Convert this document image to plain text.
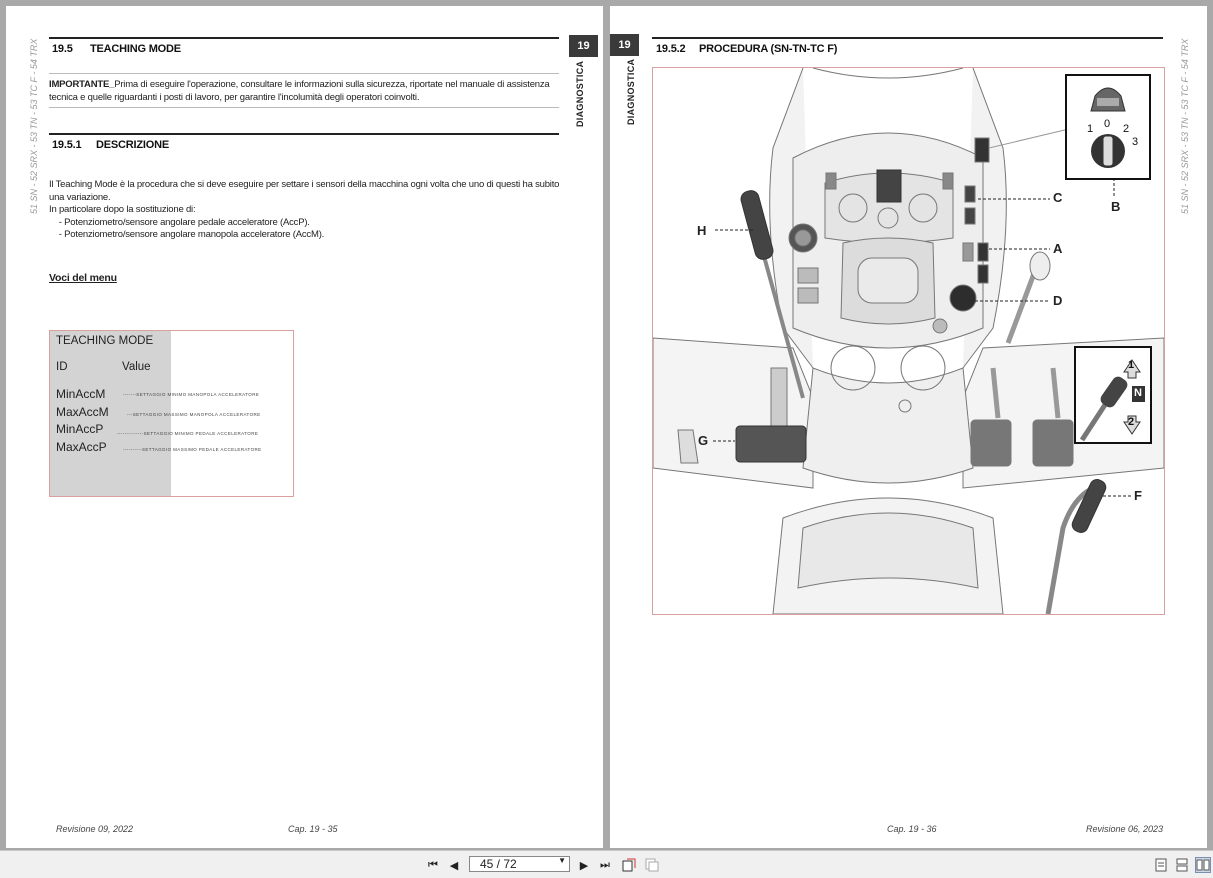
51 SN - 52 SRX - 53 TN - 53 TC F - 54 TRX 19.5 TEACHING MODE	19
DIAGNOSTICA
IMPORTANTE_Prima di eseguire l'operazione, consultare le informazioni sulla sicurezza, riportate nel manuale di assistenza
tecnica e quelle riguardanti i posti di lavoro, per garantire l'incolumità degli operatori coinvolti.
19.5.1 DESCRIZIONE
Il Teaching Mode è la procedura che si deve eseguire per settare i sensori della macchina ogni volta che uno di questi ha subito
una variazione.
In particolare dopo la sostituzione di:
- Potenziometro/sensore angolare pedale acceleratore (AccP).
- Potenziometro/sensore angolare manopola acceleratore (AccM).
Voci del menu
TEACHING MODE
ID	Value
MinAccM	-------SETTAGGIO MINIMO MANOPOLA ACCELERATORE
MaxAccM	---SETTAGGIO MASSIMO MANOPOLA ACCELERATORE
MinAccP	--------------SETTAGGIO MINIMO PEDALE ACCELERATORE
MaxAccP	----------SETTAGGIO MASSIMO PEDALE ACCELERATORE
Revisione 09, 2022	Cap. 19 - 35
19
DIAGNOSTICA	51 SN - 52 SRX - 53 TN - 53 TC F - 54 TRX
19.5.2 PROCEDURA (SN-TN-TC F)
C
A
D
H
G
F
B
0
1	2
3
1
N
2
Cap. 19 - 36	Revisione 06, 2023
⏮	◀	45 / 72	▼	▶	⏭
